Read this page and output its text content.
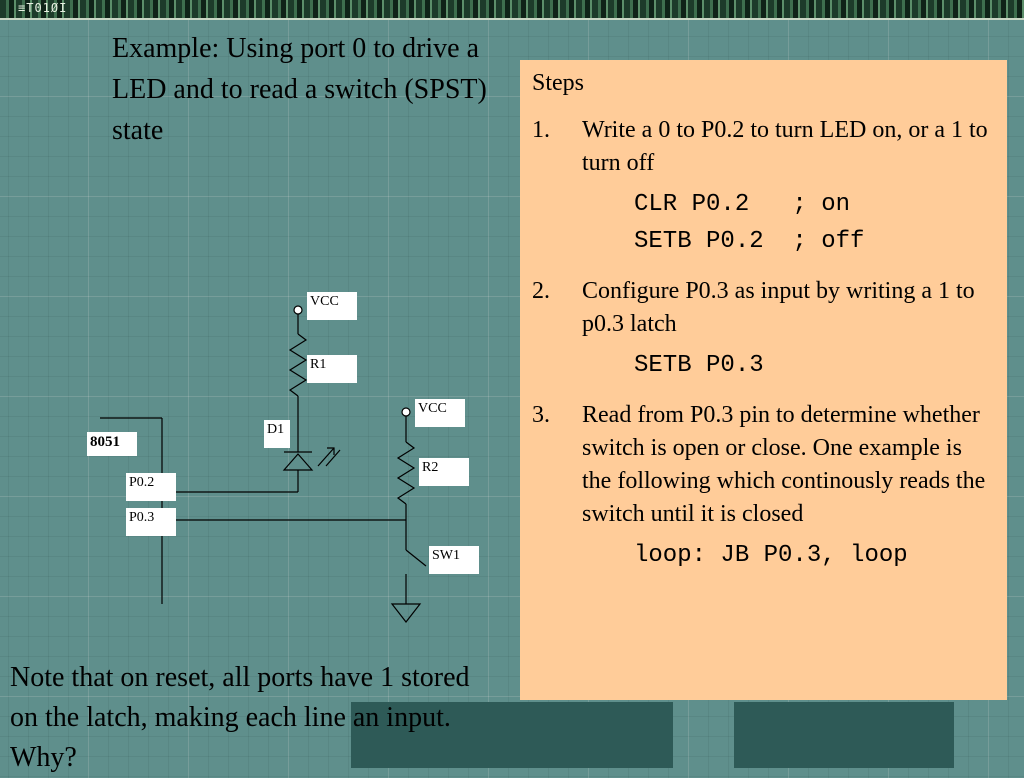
≡T01ØI
Example: Using port 0 to drive a LED and to read a switch (SPST) state
VCC
R1
D1
VCC
R2
SW1
8051
P0.2
P0.3
Steps
1. Write a 0 to P0.2 to turn LED on, or a 1 to turn off
CLR P0.2   ; on
SETB P0.2  ; off
2. Configure P0.3 as input by writing a 1 to p0.3 latch
SETB P0.3
3. Read from P0.3 pin to determine whether switch is open or close. One example is the following which continously reads the switch until it is closed
loop: JB P0.3, loop
Note that on reset, all ports have 1 stored on the latch, making each line an input. Why?
